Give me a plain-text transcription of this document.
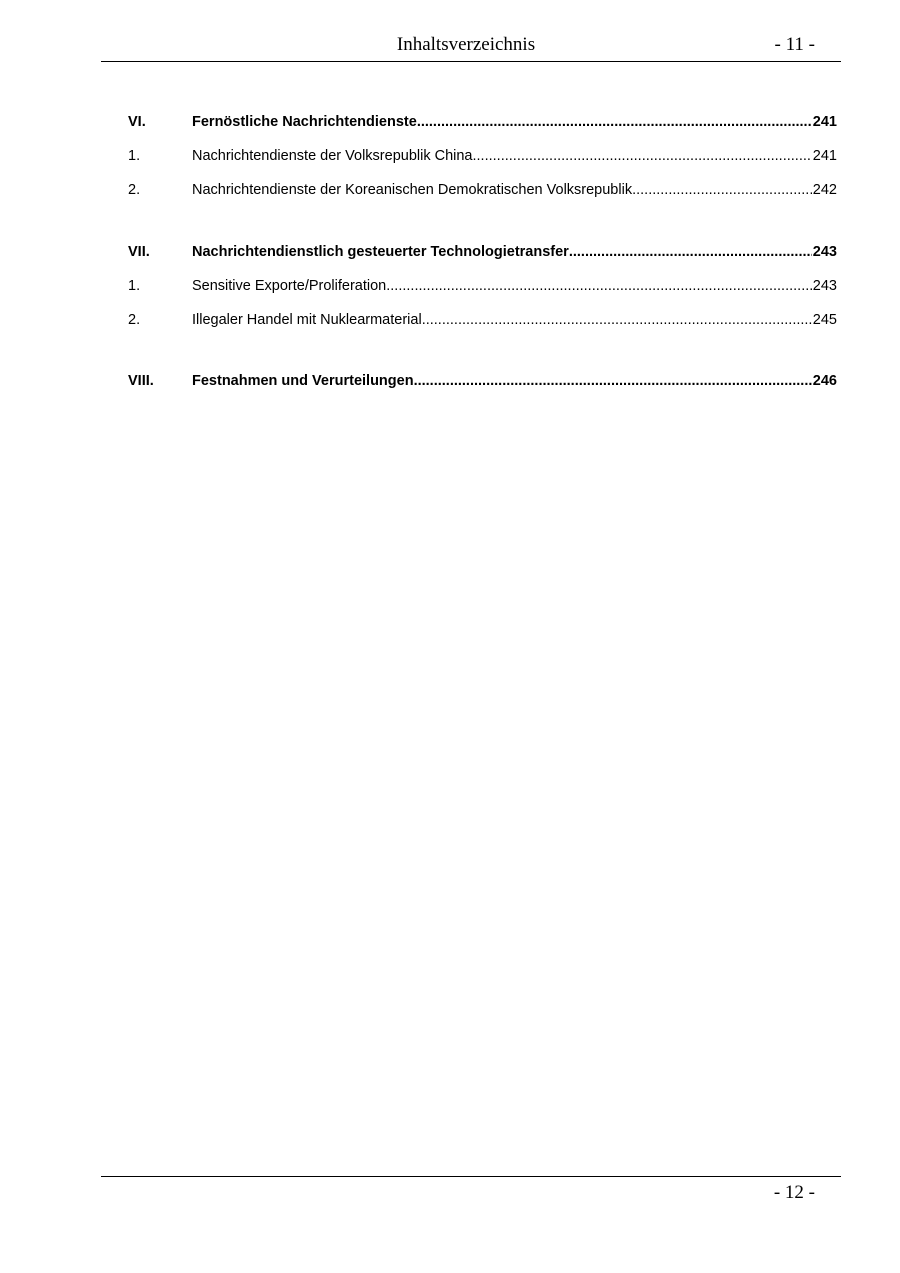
Inhaltsverzeichnis	- 11 -
VI.	Fernöstliche Nachrichtendienste .....	241
1.	Nachrichtendienste der Volksrepublik China .....	241
2.	Nachrichtendienste der Koreanischen Demokratischen Volksrepublik .....	242
VII.	Nachrichtendienstlich gesteuerter Technologietransfer .....	243
1.	Sensitive Exporte/Proliferation .....	243
2.	Illegaler Handel mit Nuklearmaterial .....	245
VIII.	Festnahmen und Verurteilungen .....	246
- 12 -
